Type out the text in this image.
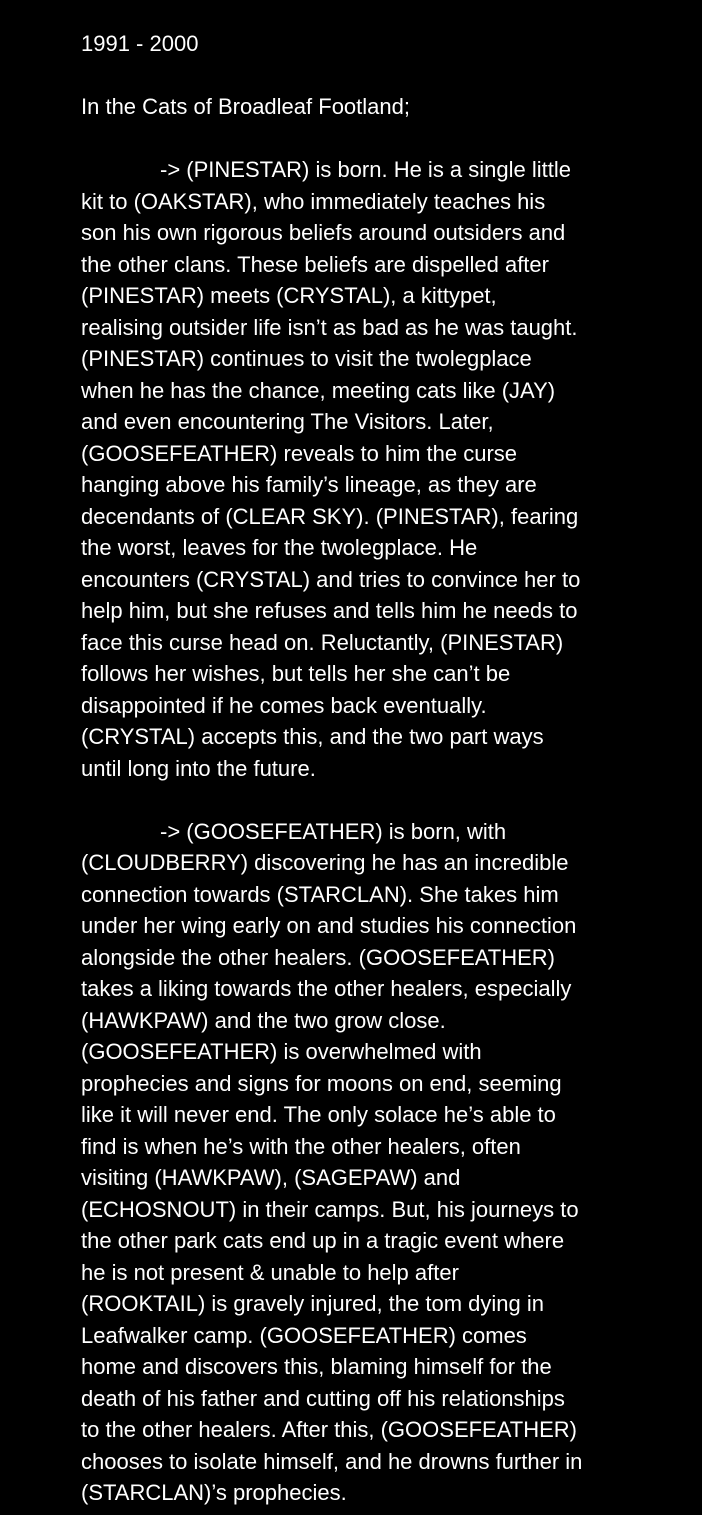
1991 - 2000
In the Cats of Broadleaf Footland;
-> (PINESTAR) is born. He is a single little
kit to (OAKSTAR), who immediately teaches his
son his own rigorous beliefs around outsiders and
the other clans. These beliefs are dispelled after
(PINESTAR) meets (CRYSTAL), a kittypet,
realising outsider life isn’t as bad as he was taught.
(PINESTAR) continues to visit the twolegplace
when he has the chance, meeting cats like (JAY)
and even encountering The Visitors. Later,
(GOOSEFEATHER) reveals to him the curse
hanging above his family’s lineage, as they are
decendants of (CLEAR SKY). (PINESTAR), fearing
the worst, leaves for the twolegplace. He
encounters (CRYSTAL) and tries to convince her to
help him, but she refuses and tells him he needs to
face this curse head on. Reluctantly, (PINESTAR)
follows her wishes, but tells her she can’t be
disappointed if he comes back eventually.
(CRYSTAL) accepts this, and the two part ways
until long into the future.
-> (GOOSEFEATHER) is born, with
(CLOUDBERRY) discovering he has an incredible
connection towards (STARCLAN). She takes him
under her wing early on and studies his connection
alongside the other healers. (GOOSEFEATHER)
takes a liking towards the other healers, especially
(HAWKPAW) and the two grow close.
(GOOSEFEATHER) is overwhelmed with
prophecies and signs for moons on end, seeming
like it will never end. The only solace he’s able to
find is when he’s with the other healers, often
visiting (HAWKPAW), (SAGEPAW) and
(ECHOSNOUT) in their camps. But, his journeys to
the other park cats end up in a tragic event where
he is not present & unable to help after
(ROOKTAIL) is gravely injured, the tom dying in
Leafwalker camp. (GOOSEFEATHER) comes
home and discovers this, blaming himself for the
death of his father and cutting off his relationships
to the other healers. After this, (GOOSEFEATHER)
chooses to isolate himself, and he drowns further in
(STARCLAN)’s prophecies.
